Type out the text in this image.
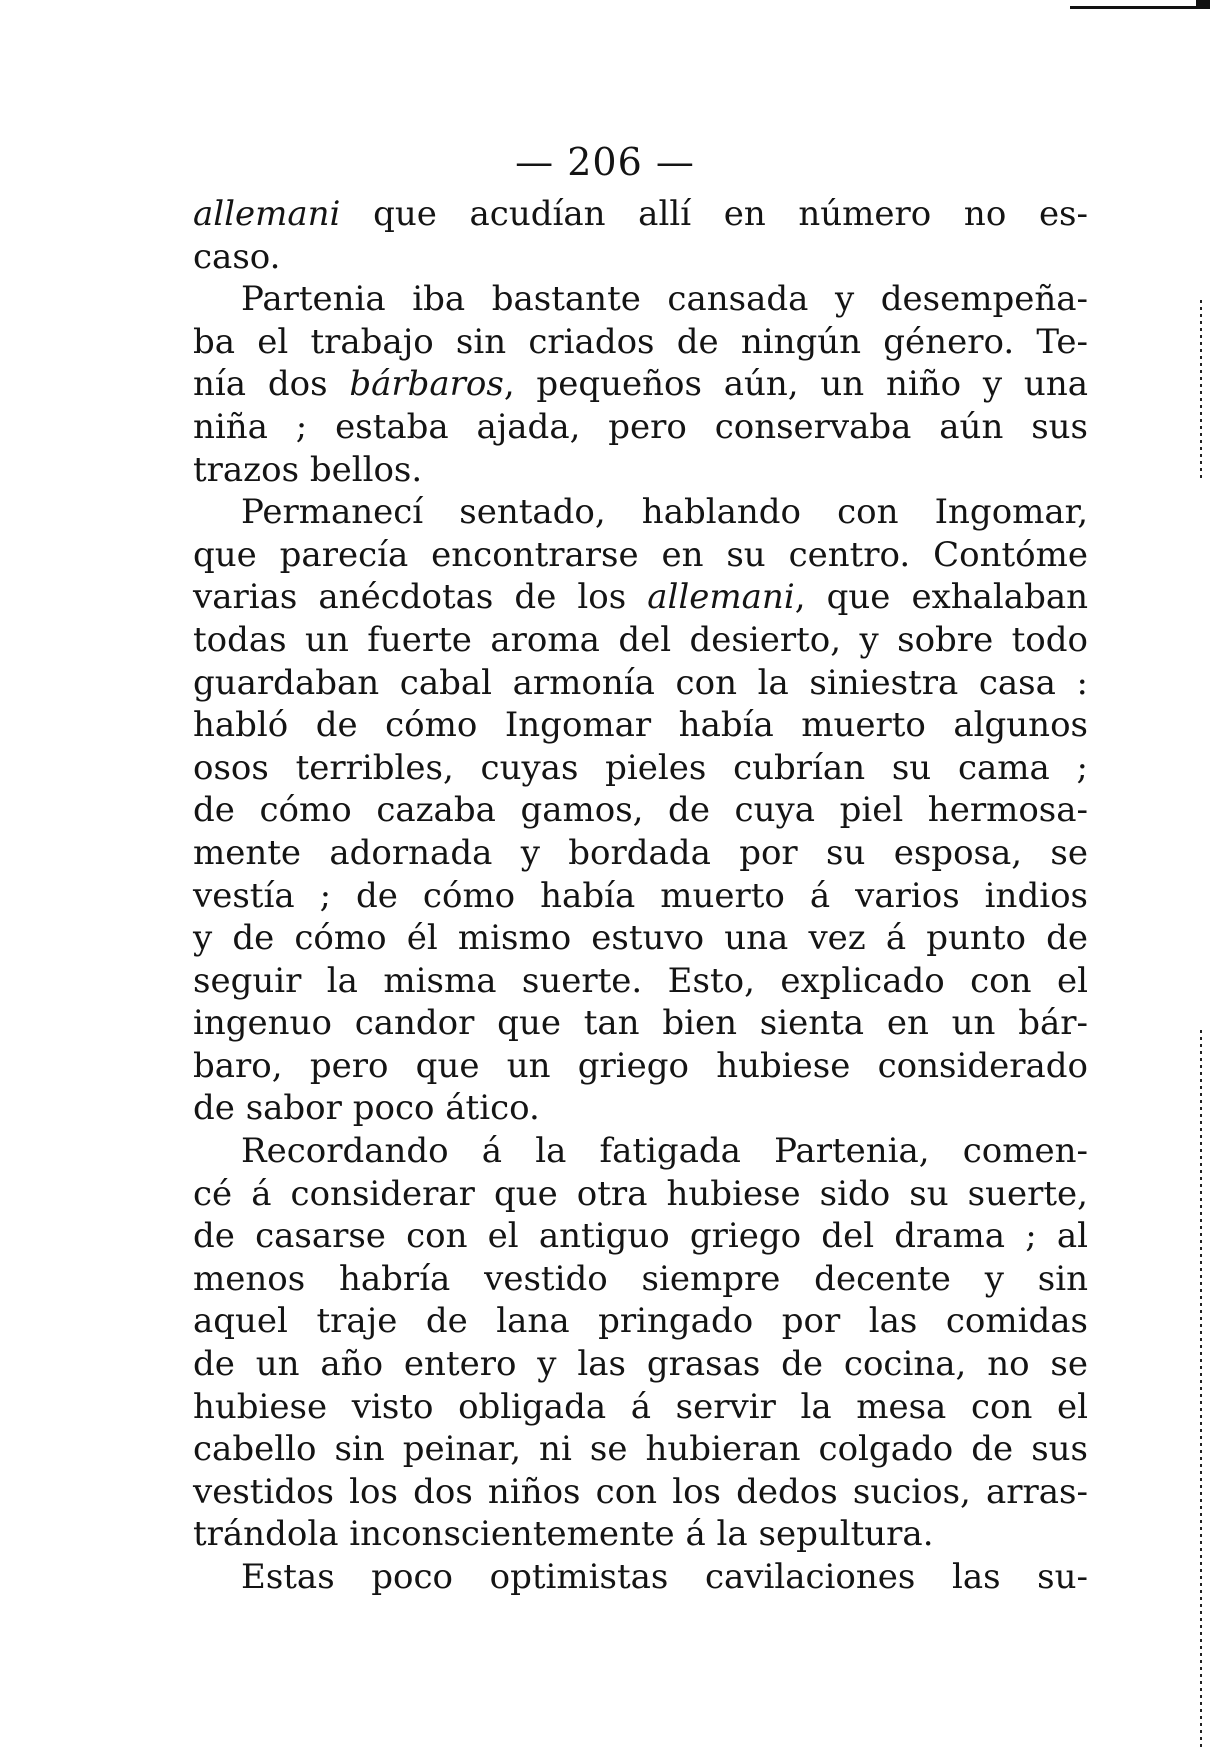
— 206 —
allemani que acudían allí en número no es-
caso.
Partenia iba bastante cansada y desempeña-
ba el trabajo sin criados de ningún género. Te-
nía dos bárbaros, pequeños aún, un niño y una
niña ; estaba ajada, pero conservaba aún sus
trazos bellos.
Permanecí sentado, hablando con Ingomar,
que parecía encontrarse en su centro. Contóme
varias anécdotas de los allemani, que exhalaban
todas un fuerte aroma del desierto, y sobre todo
guardaban cabal armonía con la siniestra casa :
habló de cómo Ingomar había muerto algunos
osos terribles, cuyas pieles cubrían su cama ;
de cómo cazaba gamos, de cuya piel hermosa-
mente adornada y bordada por su esposa, se
vestía ; de cómo había muerto á varios indios
y de cómo él mismo estuvo una vez á punto de
seguir la misma suerte. Esto, explicado con el
ingenuo candor que tan bien sienta en un bár-
baro, pero que un griego hubiese considerado
de sabor poco ático.
Recordando á la fatigada Partenia, comen-
cé á considerar que otra hubiese sido su suerte,
de casarse con el antiguo griego del drama ; al
menos habría vestido siempre decente y sin
aquel traje de lana pringado por las comidas
de un año entero y las grasas de cocina, no se
hubiese visto obligada á servir la mesa con el
cabello sin peinar, ni se hubieran colgado de sus
vestidos los dos niños con los dedos sucios, arras-
trándola inconscientemente á la sepultura.
Estas poco optimistas cavilaciones las su-
